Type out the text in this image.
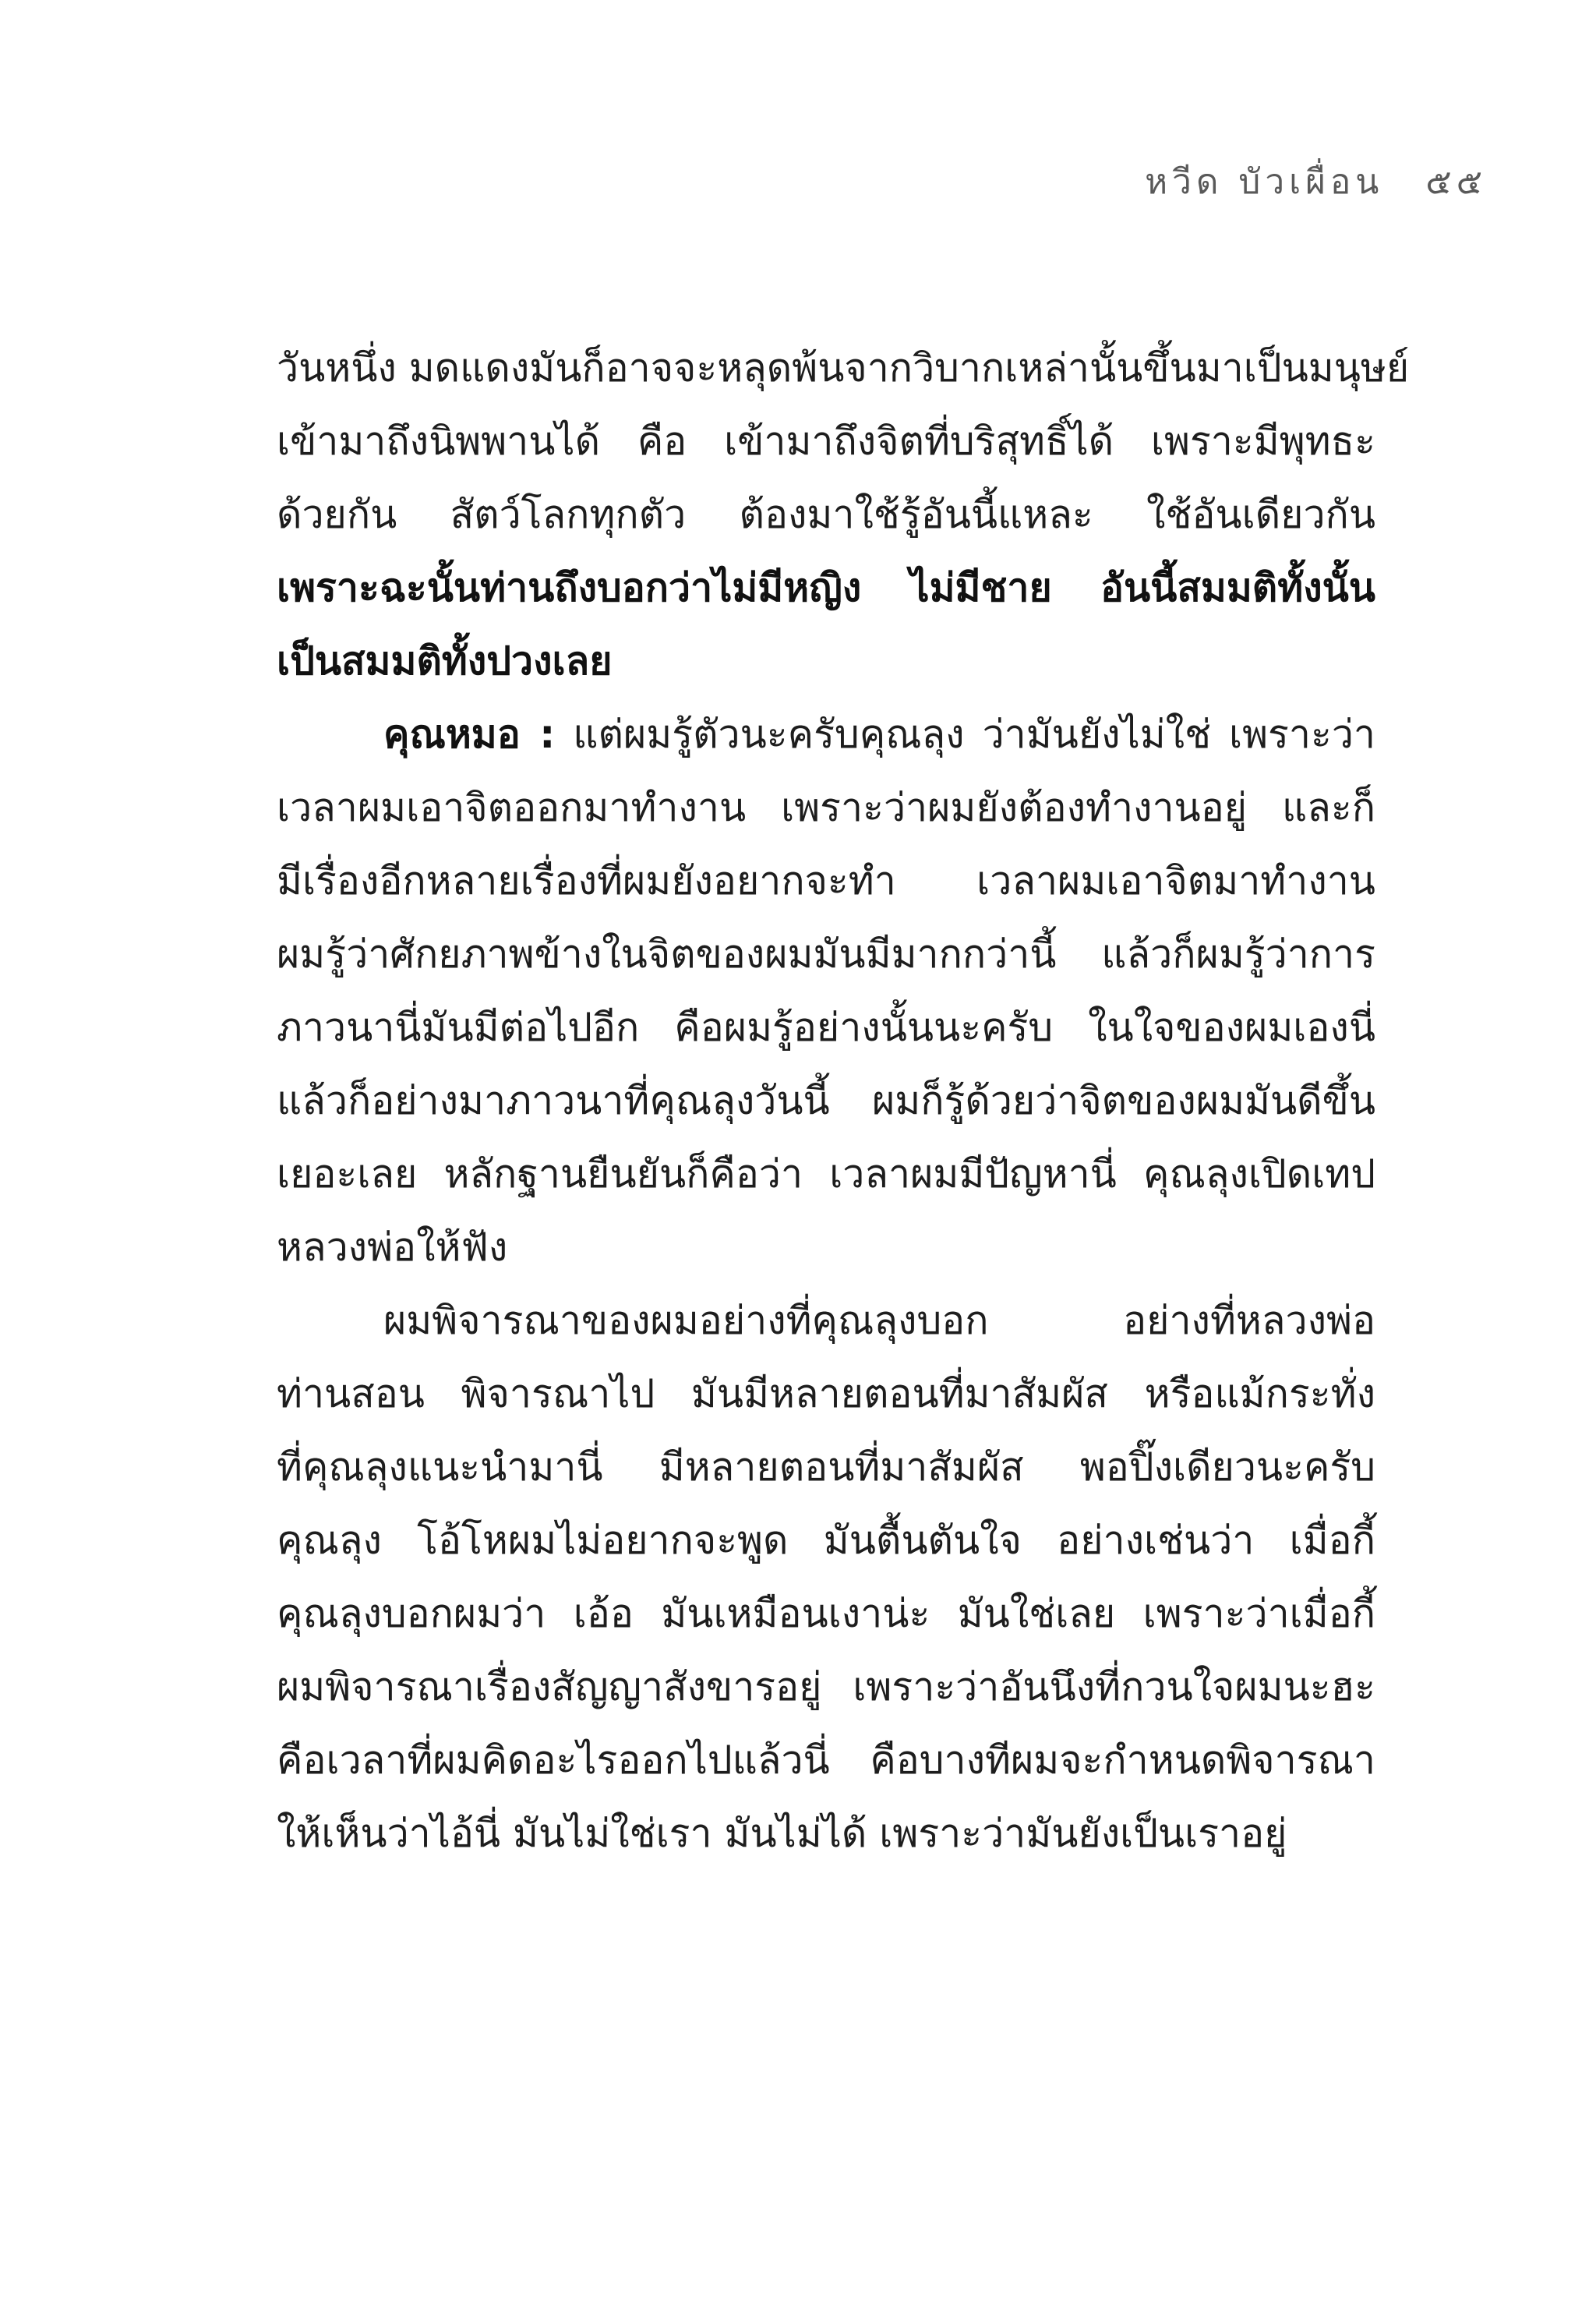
หวีด บัวเผื่อน ๕๕
วันหนึ่ง มดแดงมันก็อาจจะหลุดพ้นจากวิบากเหล่านั้นขึ้นมาเป็นมนุษย์
เข้ามาถึงนิพพานได้ คือ เข้ามาถึงจิตที่บริสุทธิ์ได้ เพราะมีพุทธะ
ด้วยกัน สัตว์โลกทุกตัว ต้องมาใช้รู้อันนี้แหละ ใช้อันเดียวกัน
เพราะฉะนั้นท่านถึงบอกว่าไม่มีหญิง ไม่มีชาย อันนี้สมมติทั้งนั้น
เป็นสมมติทั้งปวงเลย
คุณหมอ : แต่ผมรู้ตัวนะครับคุณลุง ว่ามันยังไม่ใช่ เพราะว่า
เวลาผมเอาจิตออกมาทำงาน เพราะว่าผมยังต้องทำงานอยู่ และก็
มีเรื่องอีกหลายเรื่องที่ผมยังอยากจะทำ เวลาผมเอาจิตมาทำงาน
ผมรู้ว่าศักยภาพข้างในจิตของผมมันมีมากกว่านี้ แล้วก็ผมรู้ว่าการ
ภาวนานี่มันมีต่อไปอีก คือผมรู้อย่างนั้นนะครับ ในใจของผมเองนี่
แล้วก็อย่างมาภาวนาที่คุณลุงวันนี้ ผมก็รู้ด้วยว่าจิตของผมมันดีขึ้น
เยอะเลย หลักฐานยืนยันก็คือว่า เวลาผมมีปัญหานี่ คุณลุงเปิดเทป
หลวงพ่อให้ฟัง
ผมพิจารณาของผมอย่างที่คุณลุงบอก อย่างที่หลวงพ่อ
ท่านสอน พิจารณาไป มันมีหลายตอนที่มาสัมผัส หรือแม้กระทั่ง
ที่คุณลุงแนะนำมานี่ มีหลายตอนที่มาสัมผัส พอปิ๊งเดียวนะครับ
คุณลุง โอ้โหผมไม่อยากจะพูด มันตื้นตันใจ อย่างเช่นว่า เมื่อกี้
คุณลุงบอกผมว่า เอ้อ มันเหมือนเงาน่ะ มันใช่เลย เพราะว่าเมื่อกี้
ผมพิจารณาเรื่องสัญญาสังขารอยู่ เพราะว่าอันนึงที่กวนใจผมนะฮะ
คือเวลาที่ผมคิดอะไรออกไปแล้วนี่ คือบางทีผมจะกำหนดพิจารณา
ให้เห็นว่าไอ้นี่ มันไม่ใช่เรา มันไม่ได้ เพราะว่ามันยังเป็นเราอยู่
